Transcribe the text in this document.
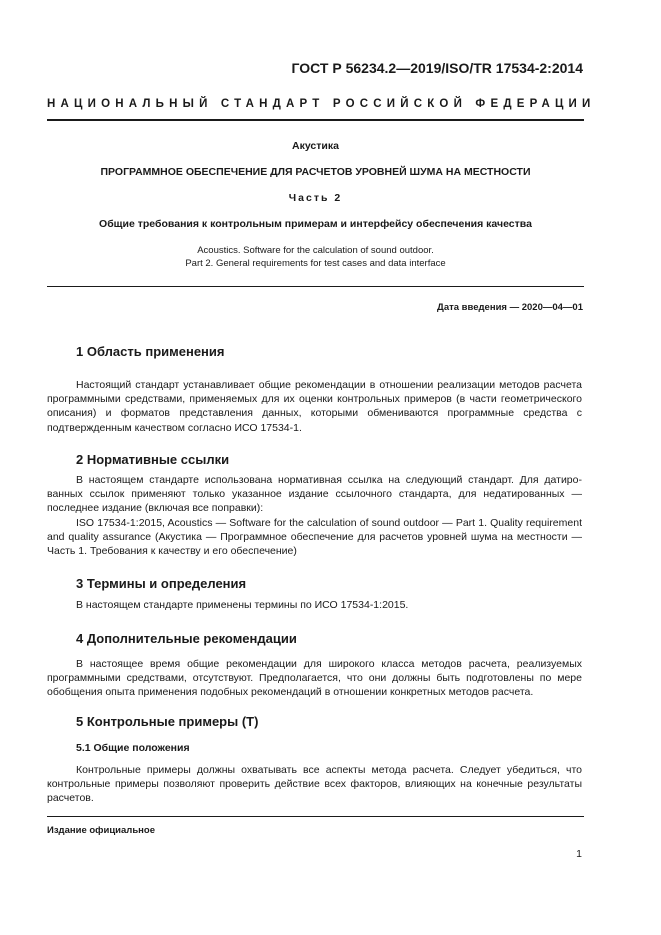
ГОСТ Р 56234.2—2019/ISO/TR 17534-2:2014
НАЦИОНАЛЬНЫЙ СТАНДАРТ РОССИЙСКОЙ ФЕДЕРАЦИИ
Акустика
ПРОГРАММНОЕ ОБЕСПЕЧЕНИЕ ДЛЯ РАСЧЕТОВ УРОВНЕЙ ШУМА НА МЕСТНОСТИ
Часть 2
Общие требования к контрольным примерам и интерфейсу обеспечения качества
Acoustics. Software for the calculation of sound outdoor.
Part 2. General requirements for test cases and data interface
Дата введения — 2020—04—01
1 Область применения
Настоящий стандарт устанавливает общие рекомендации в отношении реализации методов расчета программными средствами, применяемых для их оценки контрольных примеров (в части геометрического описания) и форматов представления данных, которыми обмениваются программные средства с подтвержденным качеством согласно ИСО 17534-1.
2 Нормативные ссылки
В настоящем стандарте использована нормативная ссылка на следующий стандарт. Для датированных ссылок применяют только указанное издание ссылочного стандарта, для недатированных — последнее издание (включая все поправки):
ISO 17534-1:2015, Acoustics — Software for the calculation of sound outdoor — Part 1. Quality requirement and quality assurance (Акустика — Программное обеспечение для расчетов уровней шума на местности — Часть 1. Требования к качеству и его обеспечение)
3 Термины и определения
В настоящем стандарте применены термины по ИСО 17534-1:2015.
4 Дополнительные рекомендации
В настоящее время общие рекомендации для широкого класса методов расчета, реализуемых программными средствами, отсутствуют. Предполагается, что они должны быть подготовлены по мере обобщения опыта применения подобных рекомендаций в отношении конкретных методов расчета.
5 Контрольные примеры (Т)
5.1 Общие положения
Контрольные примеры должны охватывать все аспекты метода расчета. Следует убедиться, что контрольные примеры позволяют проверить действие всех факторов, влияющих на конечные результаты расчетов.
Издание официальное
1
